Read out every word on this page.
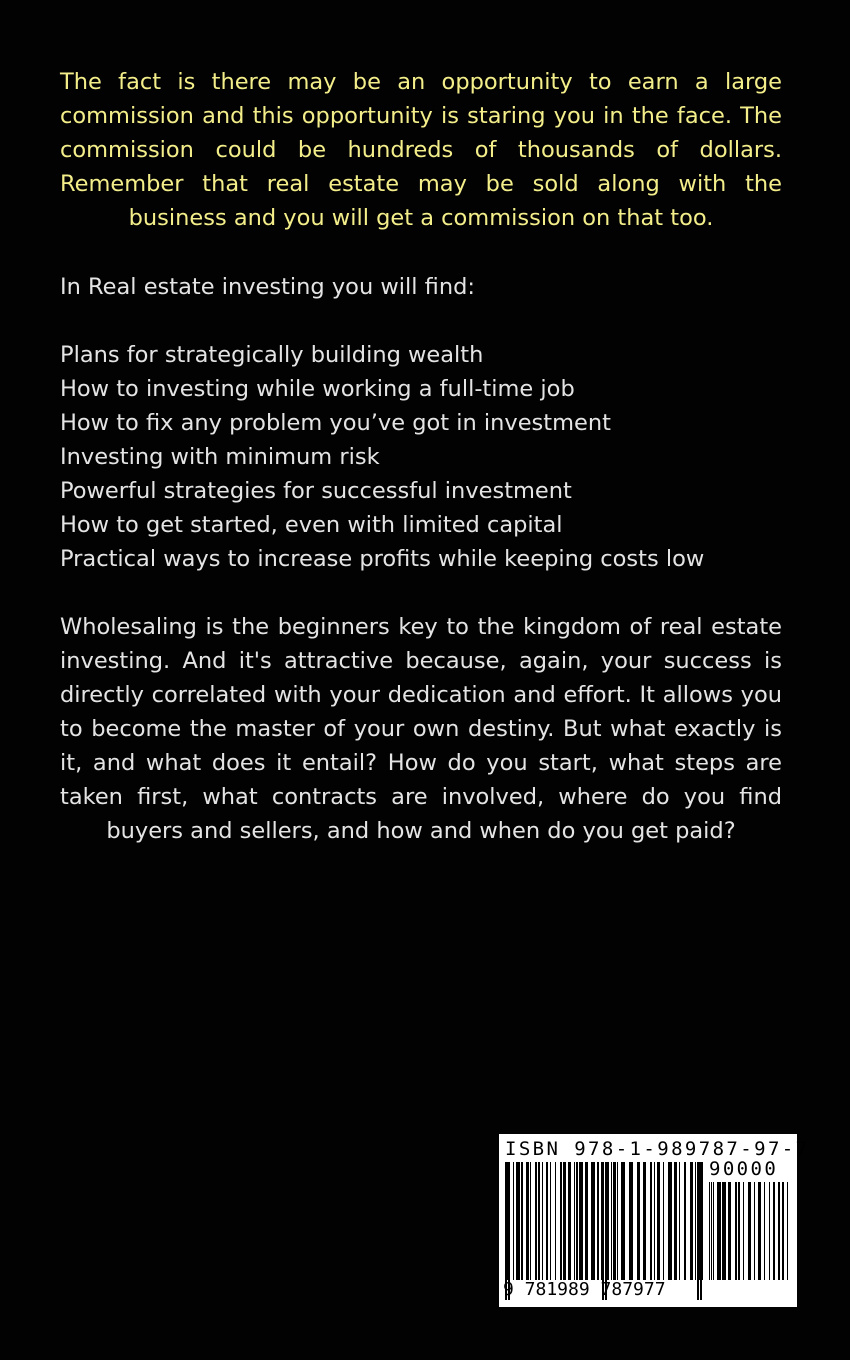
The fact is there may be an opportunity to earn a large commission and this opportunity is staring you in the face. The commission could be hundreds of thousands of dollars. Remember that real estate may be sold along with the business and you will get a commission on that too.

In Real estate investing you will find:

Plans for strategically building wealth
How to investing while working a full-time job
How to fix any problem you’ve got in investment
Investing with minimum risk
Powerful strategies for successful investment
How to get started, even with limited capital
Practical ways to increase profits while keeping costs low

Wholesaling is the beginners key to the kingdom of real estate investing. And it's attractive because, again, your success is directly correlated with your dedication and effort. It allows you to become the master of your own destiny. But what exactly is it, and what does it entail? How do you start, what steps are taken first, what contracts are involved, where do you find buyers and sellers, and how and when do you get paid?

ISBN 978-1-989787-97-7
90000
9 781989 787977
